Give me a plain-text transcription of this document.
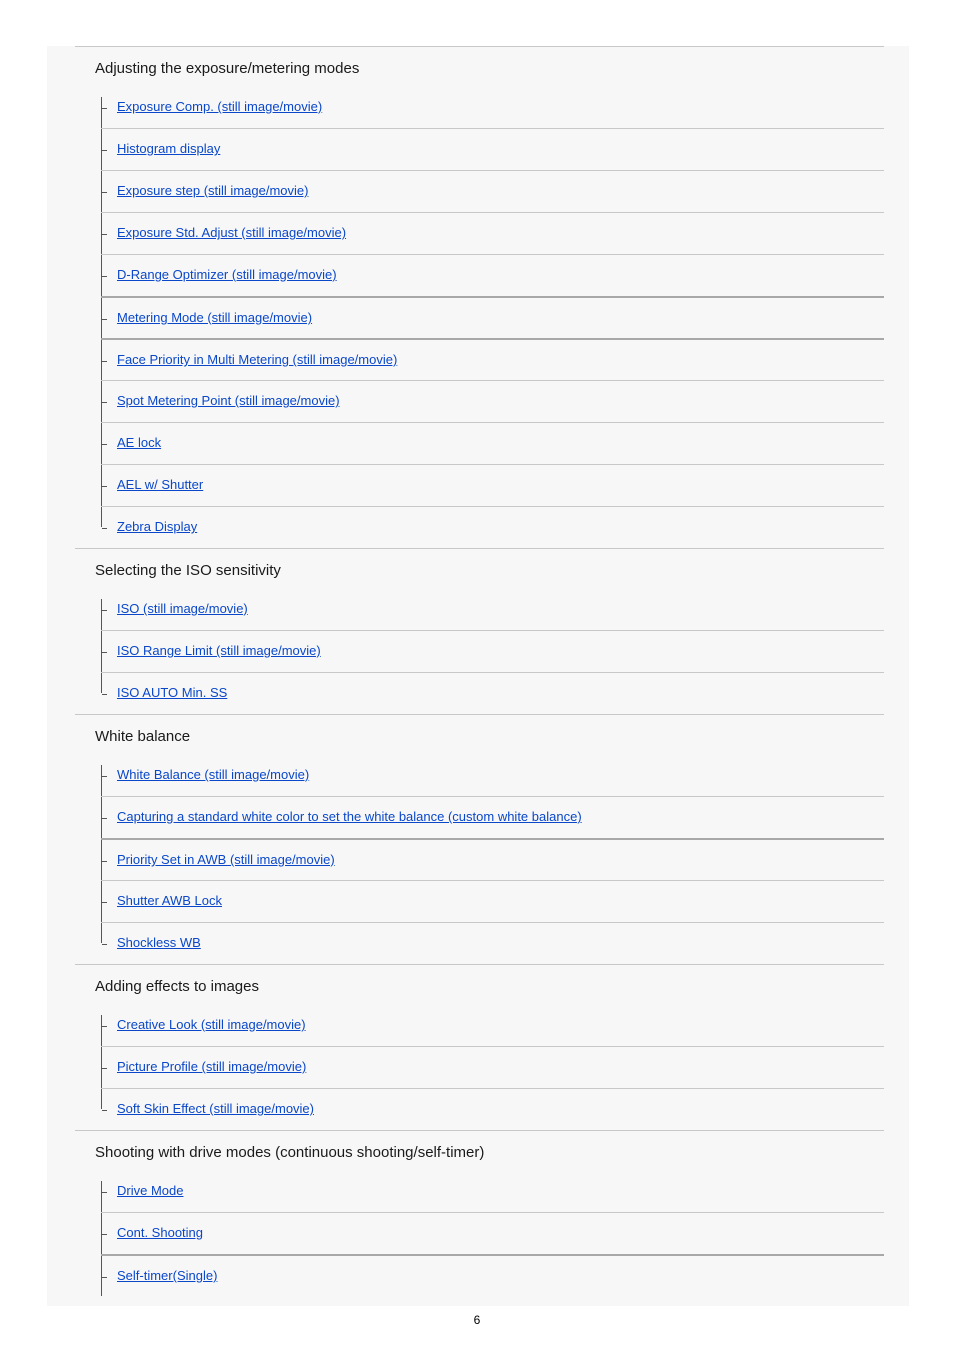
Adjusting the exposure/metering modes
Exposure Comp. (still image/movie)
Histogram display
Exposure step (still image/movie)
Exposure Std. Adjust (still image/movie)
D-Range Optimizer (still image/movie)
Metering Mode (still image/movie)
Face Priority in Multi Metering (still image/movie)
Spot Metering Point (still image/movie)
AE lock
AEL w/ Shutter
Zebra Display
Selecting the ISO sensitivity
ISO (still image/movie)
ISO Range Limit (still image/movie)
ISO AUTO Min. SS
White balance
White Balance (still image/movie)
Capturing a standard white color to set the white balance (custom white balance)
Priority Set in AWB (still image/movie)
Shutter AWB Lock
Shockless WB
Adding effects to images
Creative Look (still image/movie)
Picture Profile (still image/movie)
Soft Skin Effect (still image/movie)
Shooting with drive modes (continuous shooting/self-timer)
Drive Mode
Cont. Shooting
Self-timer(Single)
6
